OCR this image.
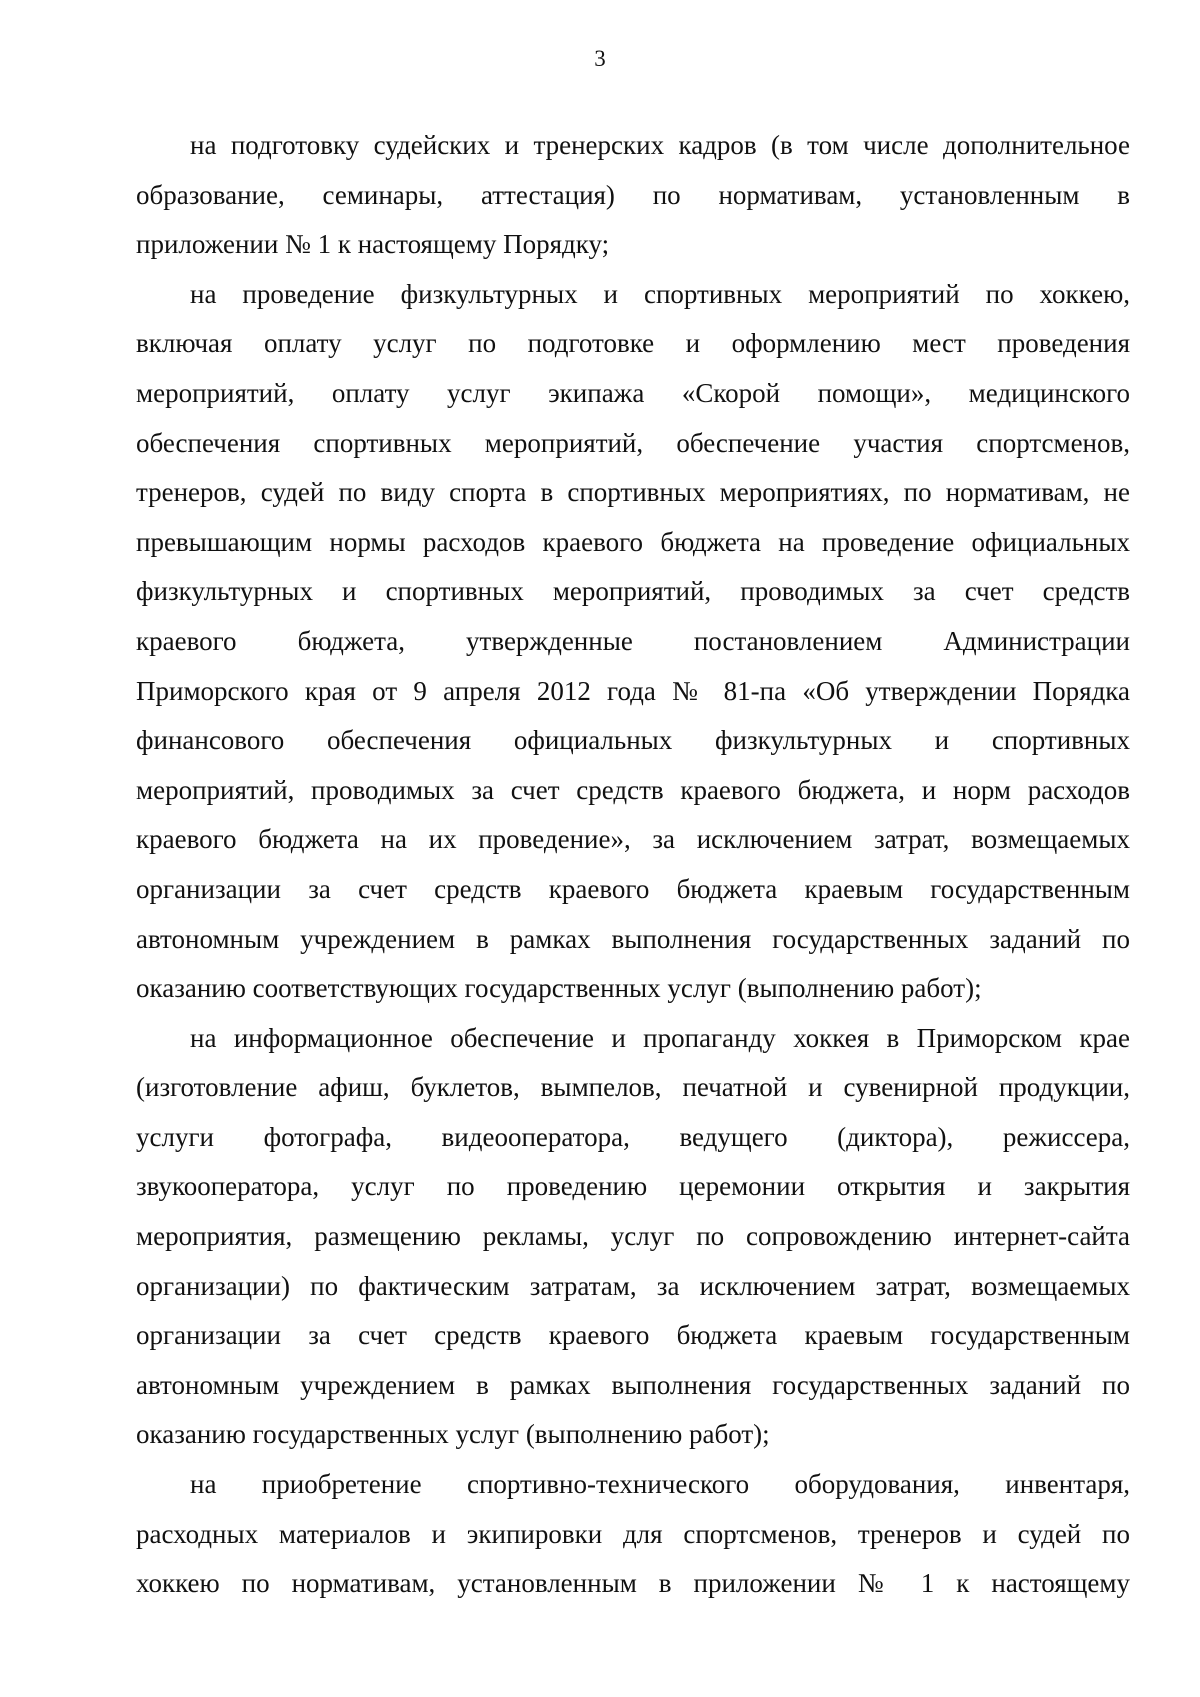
3
на подготовку судейских и тренерских кадров (в том числе дополнительное
образование, семинары, аттестация) по нормативам, установленным в
приложении № 1 к настоящему Порядку;
на проведение физкультурных и спортивных мероприятий по хоккею,
включая оплату услуг по подготовке и оформлению мест проведения
мероприятий, оплату услуг экипажа «Скорой помощи», медицинского
обеспечения спортивных мероприятий, обеспечение участия спортсменов,
тренеров, судей по виду спорта в спортивных мероприятиях, по нормативам, не
превышающим нормы расходов краевого бюджета на проведение официальных
физкультурных и спортивных мероприятий, проводимых за счет средств
краевого бюджета, утвержденные постановлением Администрации
Приморского края от 9 апреля 2012 года № 81-па «Об утверждении Порядка
финансового обеспечения официальных физкультурных и спортивных
мероприятий, проводимых за счет средств краевого бюджета, и норм расходов
краевого бюджета на их проведение», за исключением затрат, возмещаемых
организации за счет средств краевого бюджета краевым государственным
автономным учреждением в рамках выполнения государственных заданий по
оказанию соответствующих государственных услуг (выполнению работ);
на информационное обеспечение и пропаганду хоккея в Приморском крае
(изготовление афиш, буклетов, вымпелов, печатной и сувенирной продукции,
услуги фотографа, видеооператора, ведущего (диктора), режиссера,
звукооператора, услуг по проведению церемонии открытия и закрытия
мероприятия, размещению рекламы, услуг по сопровождению интернет-сайта
организации) по фактическим затратам, за исключением затрат, возмещаемых
организации за счет средств краевого бюджета краевым государственным
автономным учреждением в рамках выполнения государственных заданий по
оказанию государственных услуг (выполнению работ);
на приобретение спортивно-технического оборудования, инвентаря,
расходных материалов и экипировки для спортсменов, тренеров и судей по
хоккею по нормативам, установленным в приложении № 1 к настоящему
